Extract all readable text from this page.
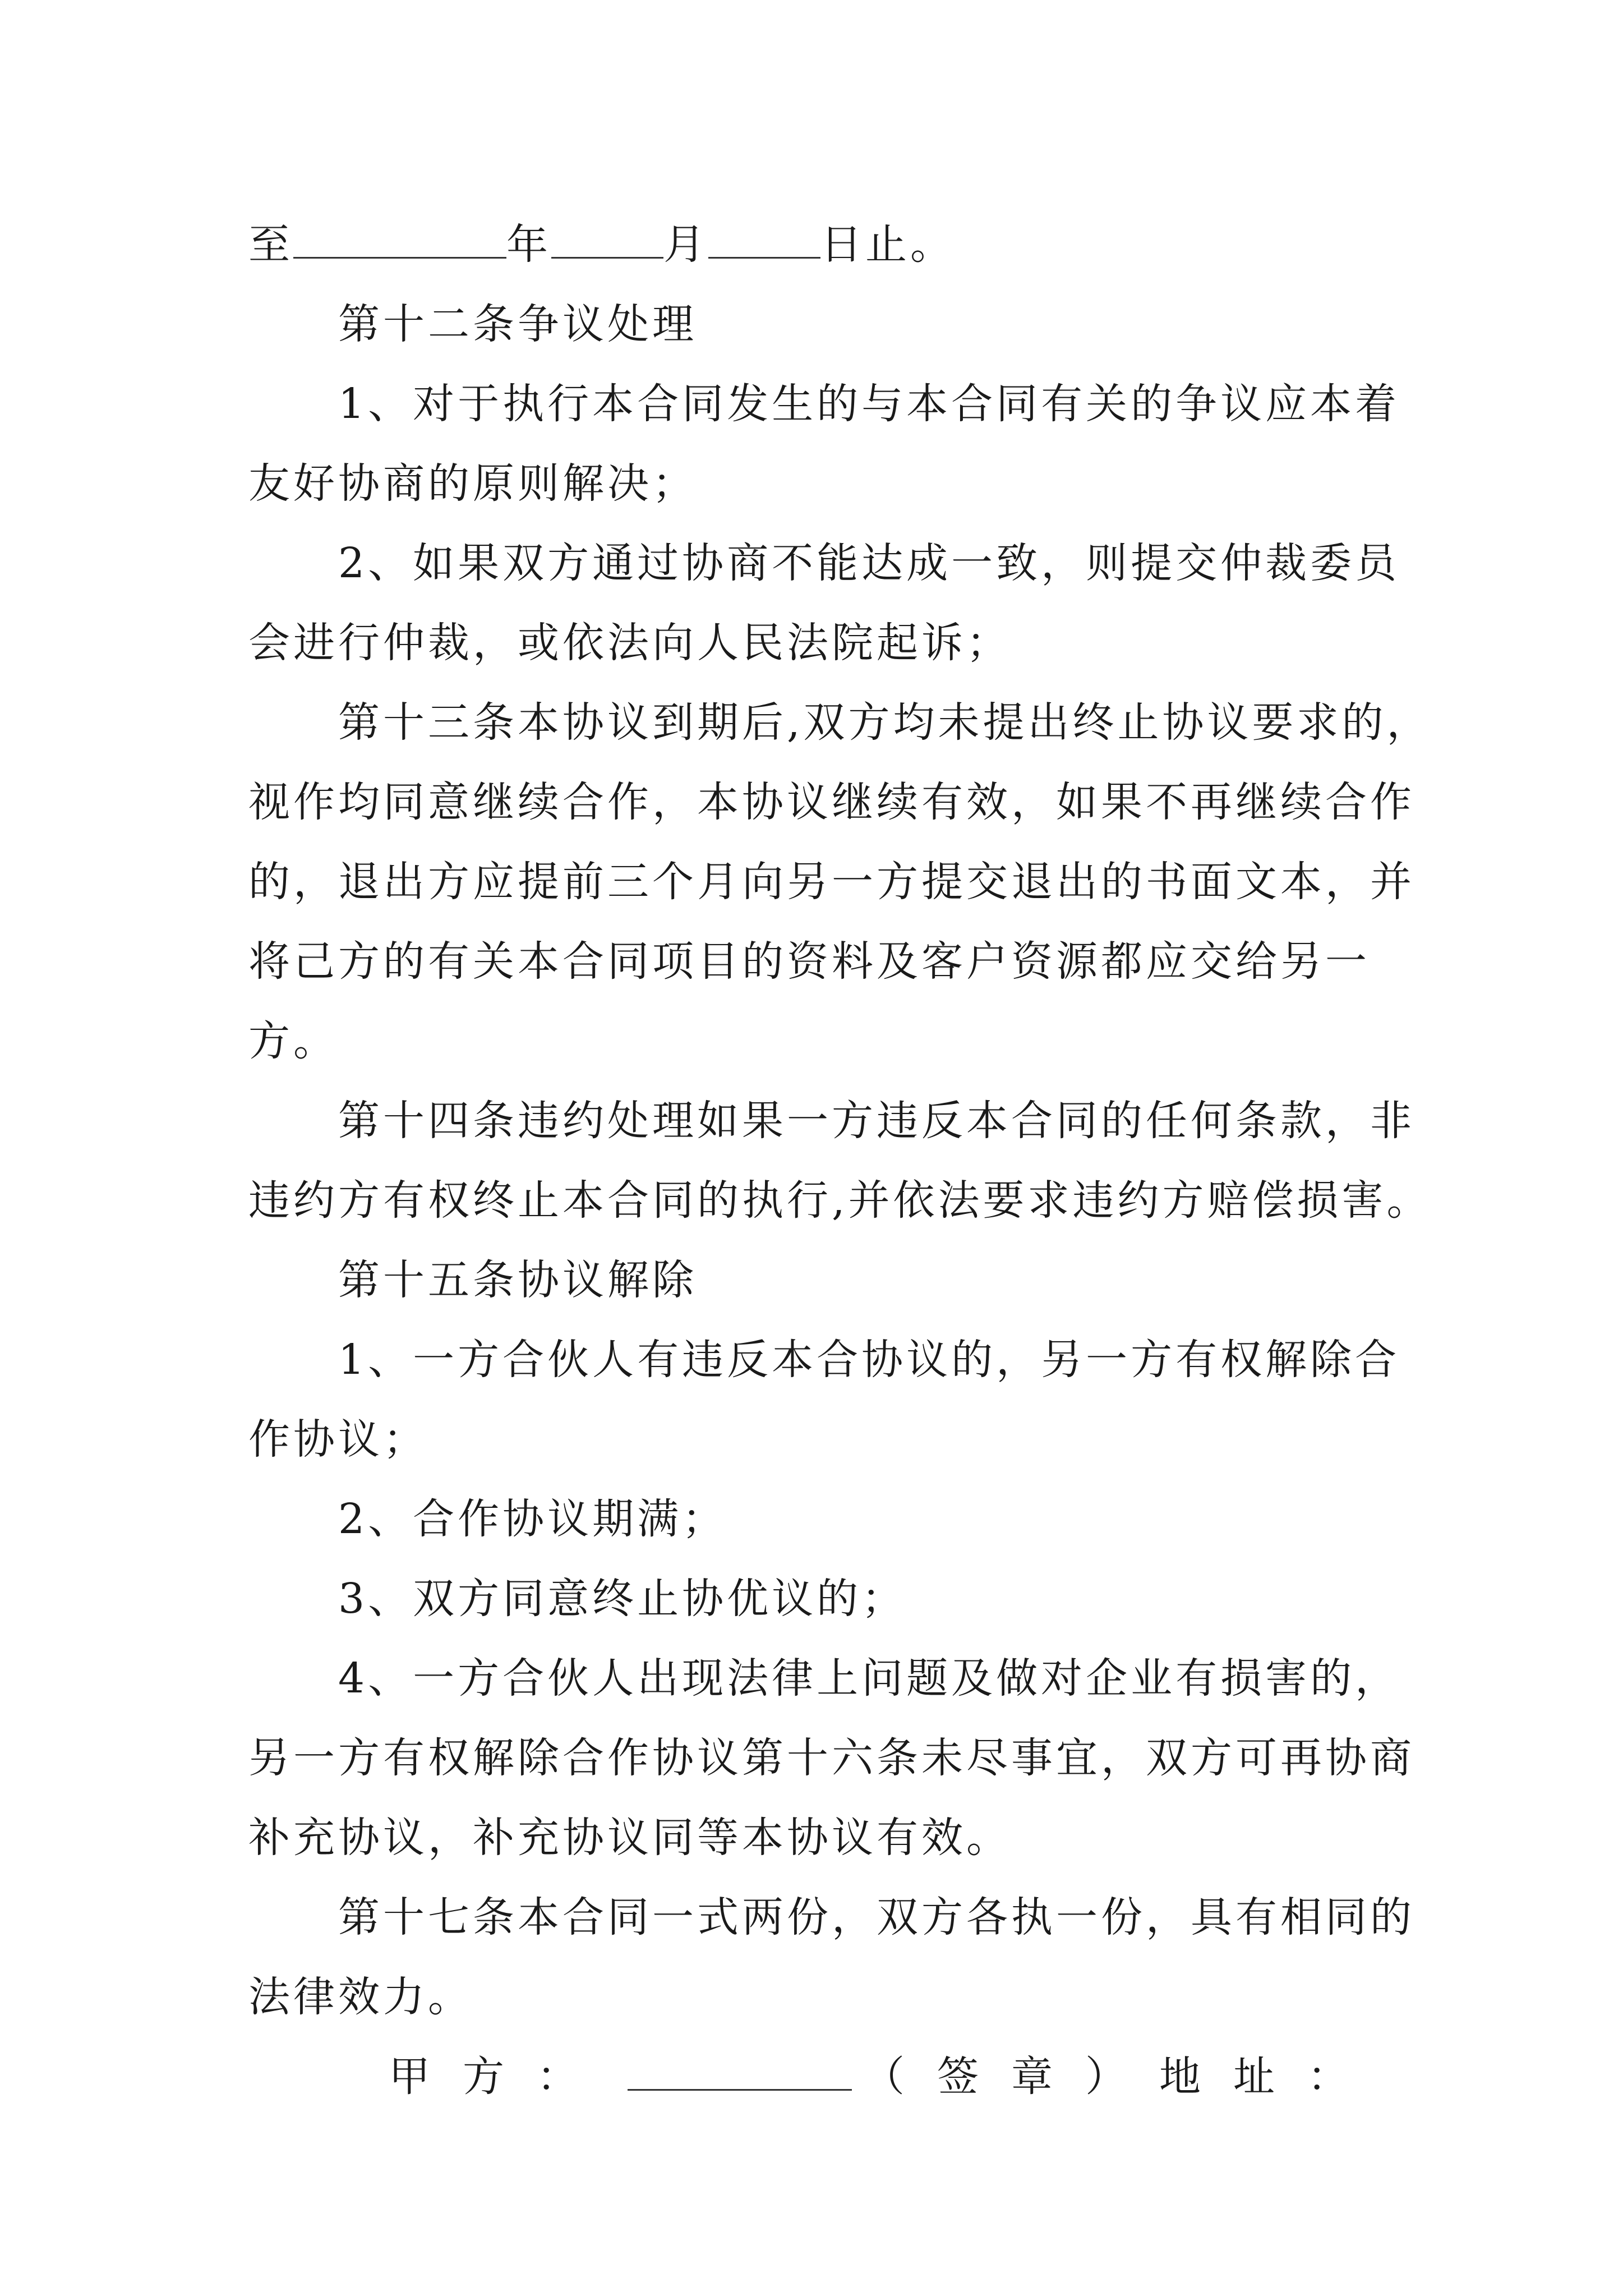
至	年	月	日止。
第十二条争议处理
1、对于执行本合同发生的与本合同有关的争议应本着
友好协商的原则解决；
2、如果双方通过协商不能达成一致，则提交仲裁委员
会进行仲裁，或依法向人民法院起诉；
第十三条本协议到期后,双方均未提出终止协议要求的，
视作均同意继续合作，本协议继续有效，如果不再继续合作
的，退出方应提前三个月向另一方提交退出的书面文本，并
将己方的有关本合同项目的资料及客户资源都应交给另一
方。
第十四条违约处理如果一方违反本合同的任何条款，非
违约方有权终止本合同的执行,并依法要求违约方赔偿损害。
第十五条协议解除
1、一方合伙人有违反本合协议的，另一方有权解除合
作协议；
2、合作协议期满；
3、双方同意终止协优议的；
4、一方合伙人出现法律上问题及做对企业有损害的，
另一方有权解除合作协议第十六条未尽事宜，双方可再协商
补充协议，补充协议同等本协议有效。
第十七条本合同一式两份，双方各执一份，具有相同的
法律效力。
甲方：	（签章）地址：
